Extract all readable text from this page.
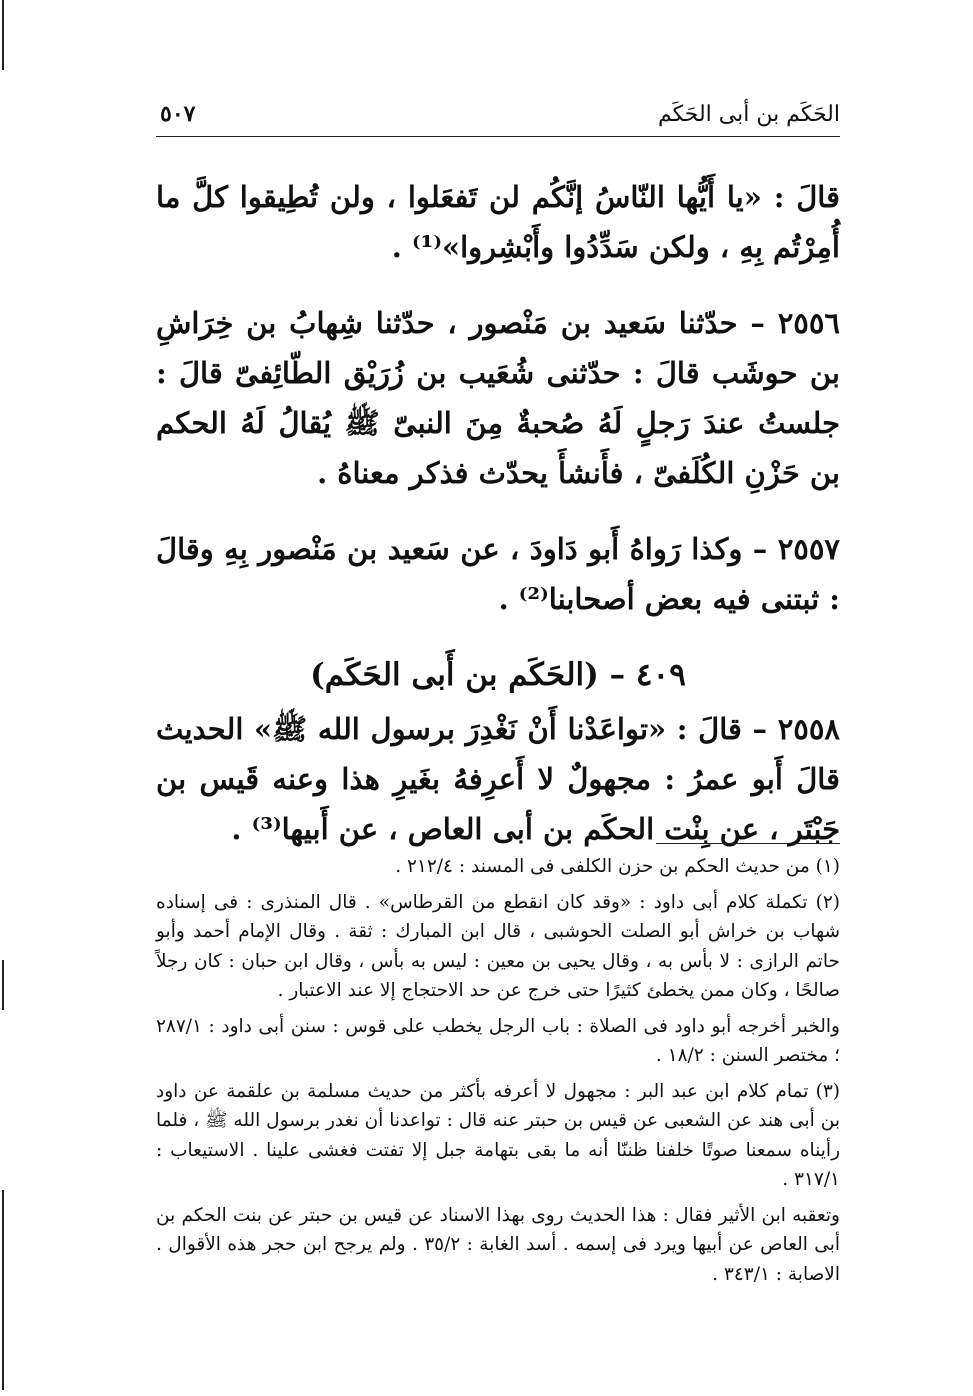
الحَكَم بن أبى الحَكَم
٥٠٧

قالَ : «يا أَيُّها النّاسُ إنَّكُم لن تَفعَلوا ، ولن تُطِيقوا كلَّ ما أُمِرْتُم بِهِ ، ولكن سَدِّدُوا وأَبْشِروا»⁽¹⁾ .

٢٥٥٦ – حدّثنا سَعيد بن مَنْصور ، حدّثنا شِهابُ بن خِرَاشِ بن حوشَب قالَ : حدّثنى شُعَيب بن زُرَيْق الطّائِفىّ قالَ : جلستُ عندَ رَجلٍ لَهُ صُحبةٌ مِنَ النبىّ ﷺ يُقالُ لَهُ الحكم بن حَزْنِ الكُلَفىّ ، فأَنشأَ يحدّث فذكر معناهُ .

٢٥٥٧ – وكذا رَواهُ أَبو دَاودَ ، عن سَعيد بن مَنْصور بِهِ وقالَ : ثبتنى فيه بعض أصحابنا⁽²⁾ .

٤٠٩ – (الحَكَم بن أَبى الحَكَم)

٢٥٥٨ – قالَ : «تواعَدْنا أَنْ نَغْدِرَ برسول الله ﷺ» الحديث قالَ أَبو عمرُ : مجهولٌ لا أَعرِفهُ بغَيرِ هذا وعنه قَيس بن جَبْتَر ، عن بِنْت الحكَم بن أبى العاص ، عن أَبيها⁽³⁾ .

(١) من حديث الحكم بن حزن الكلفى فى المسند : ٢١٢/٤ .

(٢) تكملة كلام أبى داود : «وقد كان انقطع من القرطاس» . قال المنذرى : فى إسناده شهاب بن خراش أبو الصلت الحوشبى ، قال ابن المبارك : ثقة . وقال الإمام أحمد وأبو حاتم الرازى : لا بأس به ، وقال يحيى بن معين : ليس به بأس ، وقال ابن حبان : كان رجلاً صالحًا ، وكان ممن يخطئ كثيرًا حتى خرج عن حد الاحتجاج إلا عند الاعتبار .

والخبر أخرجه أبو داود فى الصلاة : باب الرجل يخطب على قوس : سنن أبى داود : ٢٨٧/١ ؛ مختصر السنن : ١٨/٢ .

(٣) تمام كلام ابن عبد البر : مجهول لا أعرفه بأكثر من حديث مسلمة بن علقمة عن داود بن أبى هند عن الشعبى عن قيس بن حبتر عنه قال : تواعدنا أن نغدر برسول الله ﷺ ، فلما رأيناه سمعنا صوتًا خلفنا ظننّا أنه ما بقى بتهامة جبل إلا تفتت فغشى علينا . الاستيعاب : ٣١٧/١ .

وتعقبه ابن الأثير فقال : هذا الحديث روى بهذا الاسناد عن قيس بن حبتر عن بنت الحكم بن أبى العاص عن أبيها ويرد فى إسمه . أسد الغابة : ٣٥/٢ . ولم يرجح ابن حجر هذه الأقوال . الاصابة : ٣٤٣/١ .
